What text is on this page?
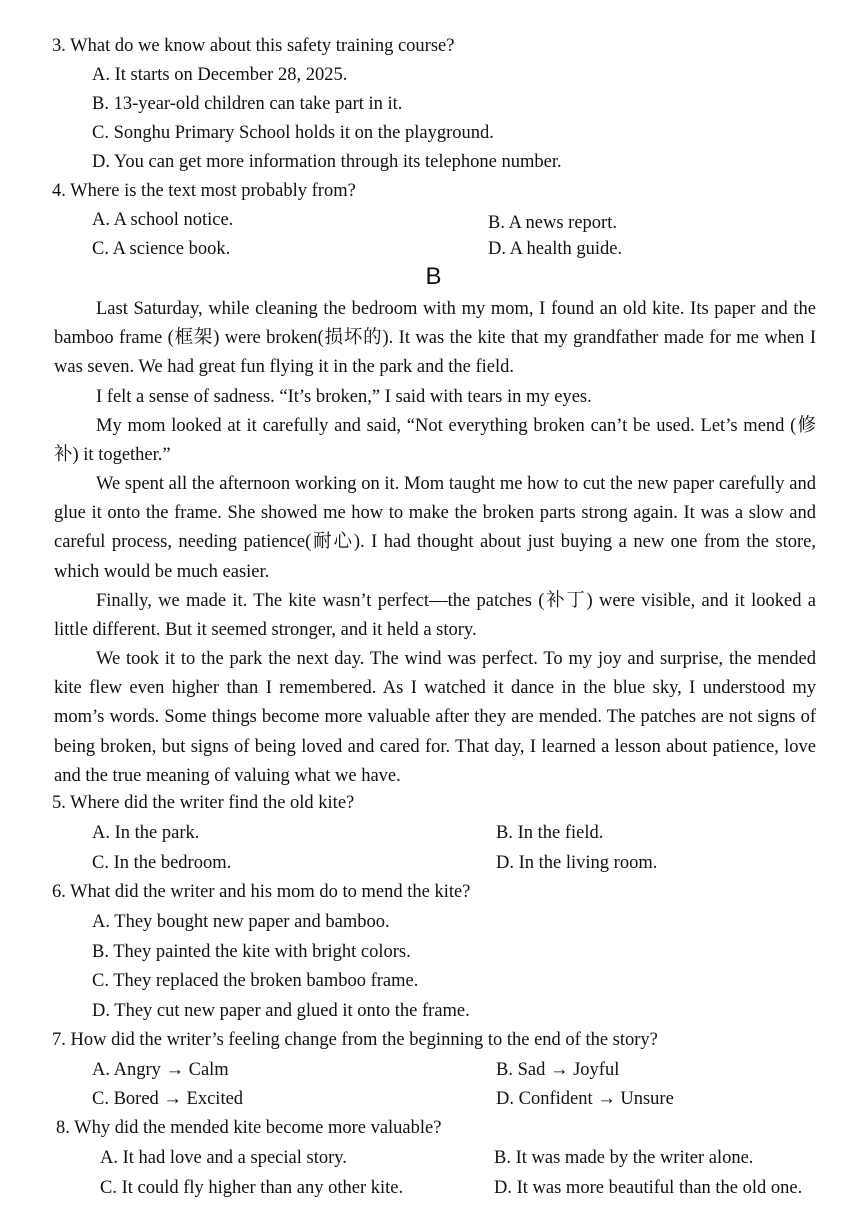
3. What do we know about this safety training course?
A. It starts on December 28, 2025.
B. 13-year-old children can take part in it.
C. Songhu Primary School holds it on the playground.
D. You can get more information through its telephone number.
4. Where is the text most probably from?
A. A school notice.	B. A news report.
C. A science book.	D. A health guide.
B
Last Saturday, while cleaning the bedroom with my mom, I found an old kite. Its paper and the bamboo frame (框架) were broken(损坏的). It was the kite that my grandfather made for me when I was seven. We had great fun flying it in the park and the field.
I felt a sense of sadness. “It’s broken,” I said with tears in my eyes.
My mom looked at it carefully and said, “Not everything broken can’t be used. Let’s mend (修补) it together.”
We spent all the afternoon working on it. Mom taught me how to cut the new paper carefully and glue it onto the frame. She showed me how to make the broken parts strong again. It was a slow and careful process, needing patience(耐心). I had thought about just buying a new one from the store, which would be much easier.
Finally, we made it. The kite wasn’t perfect—the patches (补丁) were visible, and it looked a little different. But it seemed stronger, and it held a story.
We took it to the park the next day. The wind was perfect. To my joy and surprise, the mended kite flew even higher than I remembered. As I watched it dance in the blue sky, I understood my mom’s words. Some things become more valuable after they are mended. The patches are not signs of being broken, but signs of being loved and cared for. That day, I learned a lesson about patience, love and the true meaning of valuing what we have.
5. Where did the writer find the old kite?
A. In the park.	B. In the field.
C. In the bedroom.	D. In the living room.
6. What did the writer and his mom do to mend the kite?
A. They bought new paper and bamboo.
B. They painted the kite with bright colors.
C. They replaced the broken bamboo frame.
D. They cut new paper and glued it onto the frame.
7. How did the writer’s feeling change from the beginning to the end of the story?
A. Angry → Calm	B. Sad → Joyful
C. Bored → Excited	D. Confident → Unsure
8. Why did the mended kite become more valuable?
A. It had love and a special story.	B. It was made by the writer alone.
C. It could fly higher than any other kite.	D. It was more beautiful than the old one.
